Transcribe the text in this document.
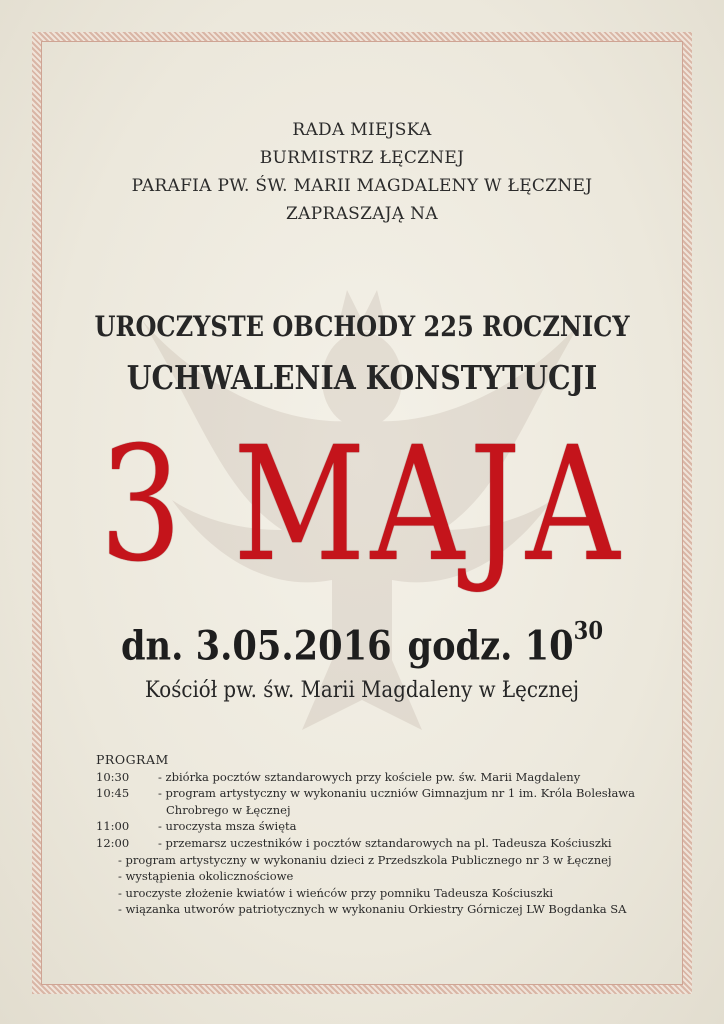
RADA MIEJSKA
BURMISTRZ ŁĘCZNEJ
PARAFIA PW. ŚW. MARII MAGDALENY W ŁĘCZNEJ
ZAPRASZAJĄ NA
UROCZYSTE OBCHODY 225 ROCZNICY
UCHWALENIA KONSTYTUCJI
3 MAJA
dn. 3.05.2016 godz. $10^{30}$
Kościół pw. św. Marii Magdaleny w Łęcznej
PROGRAM
10:30	- zbiórka pocztów sztandarowych przy kościele pw. św. Marii Magdaleny
10:45	- program artystyczny w wykonaniu uczniów Gimnazjum nr 1 im. Króla Bolesława
Chrobrego w Łęcznej
11:00	- uroczysta msza święta
12:00	- przemarsz uczestników i pocztów sztandarowych na pl. Tadeusza Kościuszki
- program artystyczny w wykonaniu dzieci z Przedszkola Publicznego nr 3 w Łęcznej
- wystąpienia okolicznościowe
- uroczyste złożenie kwiatów i wieńców przy pomniku Tadeusza Kościuszki
- wiązanka utworów patriotycznych w wykonaniu Orkiestry Górniczej LW Bogdanka SA
